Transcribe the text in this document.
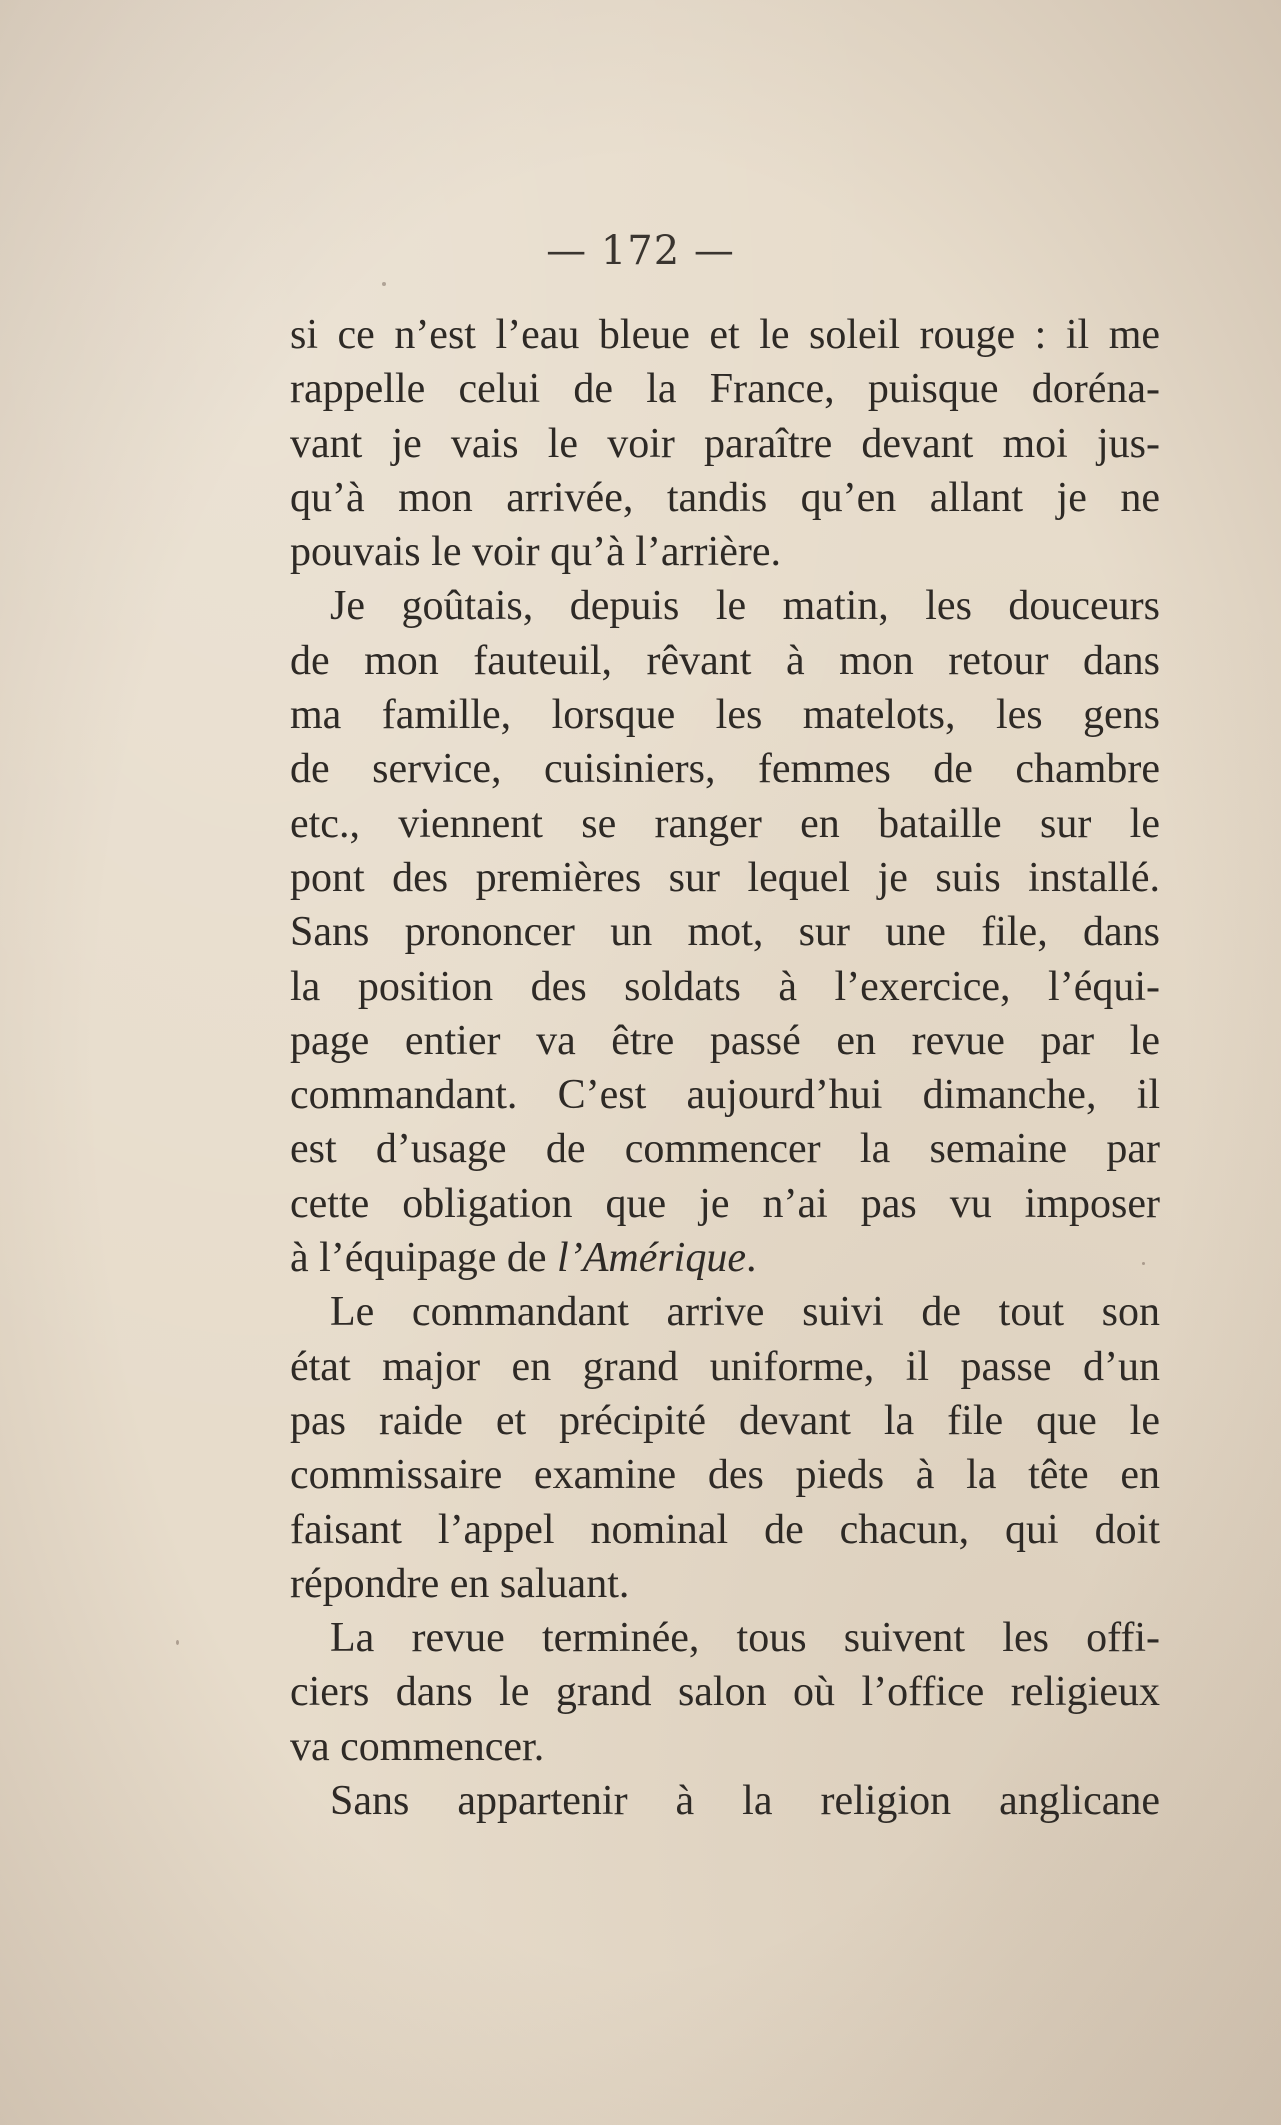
— 172 —
si ce n’est l’eau bleue et le soleil rouge : il me
rappelle celui de la France, puisque doréna-
vant je vais le voir paraître devant moi jus-
qu’à mon arrivée, tandis qu’en allant je ne
pouvais le voir qu’à l’arrière.
Je goûtais, depuis le matin, les douceurs
de mon fauteuil, rêvant à mon retour dans
ma famille, lorsque les matelots, les gens
de service, cuisiniers, femmes de chambre
etc., viennent se ranger en bataille sur le
pont des premières sur lequel je suis installé.
Sans prononcer un mot, sur une file, dans
la position des soldats à l’exercice, l’équi-
page entier va être passé en revue par le
commandant. C’est aujourd’hui dimanche, il
est d’usage de commencer la semaine par
cette obligation que je n’ai pas vu imposer
à l’équipage de l’Amérique.
Le commandant arrive suivi de tout son
état major en grand uniforme, il passe d’un
pas raide et précipité devant la file que le
commissaire examine des pieds à la tête en
faisant l’appel nominal de chacun, qui doit
répondre en saluant.
La revue terminée, tous suivent les offi-
ciers dans le grand salon où l’office religieux
va commencer.
Sans appartenir à la religion anglicane
